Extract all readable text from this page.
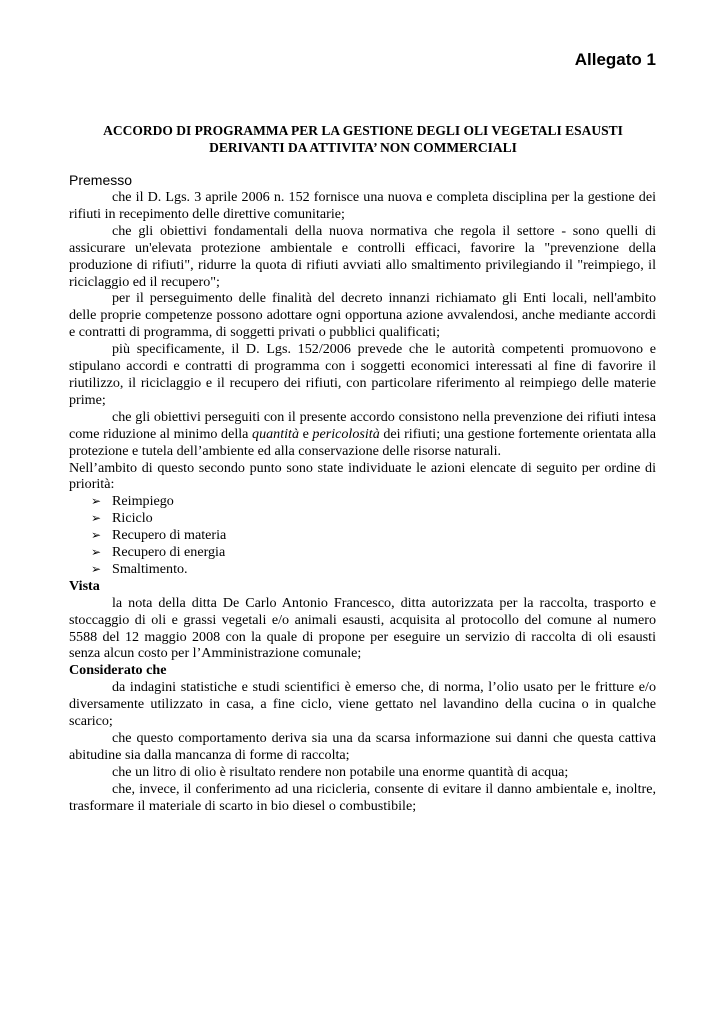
Allegato 1
ACCORDO DI PROGRAMMA PER LA GESTIONE DEGLI OLI VEGETALI ESAUSTI
DERIVANTI DA ATTIVITA’ NON COMMERCIALI
Premesso

che il D. Lgs. 3 aprile 2006 n. 152 fornisce una nuova e completa disciplina per la gestione dei rifiuti in recepimento delle direttive comunitarie;

che gli obiettivi fondamentali della nuova normativa che regola il settore - sono quelli di assicurare un'elevata protezione ambientale e controlli efficaci, favorire la "prevenzione della produzione di rifiuti", ridurre la quota di rifiuti avviati allo smaltimento privilegiando il "reimpiego, il riciclaggio ed il recupero";

per il perseguimento delle finalità del decreto innanzi richiamato gli Enti locali, nell'ambito delle proprie competenze possono adottare ogni opportuna azione avvalendosi, anche mediante accordi e contratti di programma, di soggetti privati o pubblici qualificati;

più specificamente, il D. Lgs. 152/2006 prevede che le autorità competenti promuovono e stipulano accordi e contratti di programma con i soggetti economici interessati al fine di favorire il riutilizzo, il riciclaggio e il recupero dei rifiuti, con particolare riferimento al reimpiego delle materie prime;

che gli obiettivi perseguiti con il presente accordo consistono nella prevenzione dei rifiuti intesa come riduzione al minimo della quantità e pericolosità dei rifiuti; una gestione fortemente orientata alla protezione e tutela dell’ambiente ed alla conservazione delle risorse naturali.

Nell’ambito di questo secondo punto sono state individuate le azioni elencate di seguito per ordine di priorità:

➢ Reimpiego
➢ Riciclo
➢ Recupero di materia
➢ Recupero di energia
➢ Smaltimento.

Vista

la nota della ditta De Carlo Antonio Francesco, ditta autorizzata per la raccolta, trasporto e stoccaggio di oli e grassi vegetali e/o animali esausti, acquisita al protocollo del comune al numero 5588 del 12 maggio 2008 con la quale di propone per eseguire un servizio di raccolta di oli esausti senza alcun costo per l’Amministrazione comunale;

Considerato che

da indagini statistiche e studi scientifici è emerso che, di norma, l’olio usato per le fritture e/o diversamente utilizzato in casa, a fine ciclo, viene gettato nel lavandino della cucina o in qualche scarico;

che questo comportamento deriva sia una da scarsa informazione sui danni che questa cattiva abitudine sia dalla mancanza di forme di raccolta;

che un litro di olio è risultato rendere non potabile una enorme quantità di acqua;

che, invece, il conferimento ad una ricicleria, consente di evitare il danno ambientale e, inoltre, trasformare il materiale di scarto in bio diesel o combustibile;
